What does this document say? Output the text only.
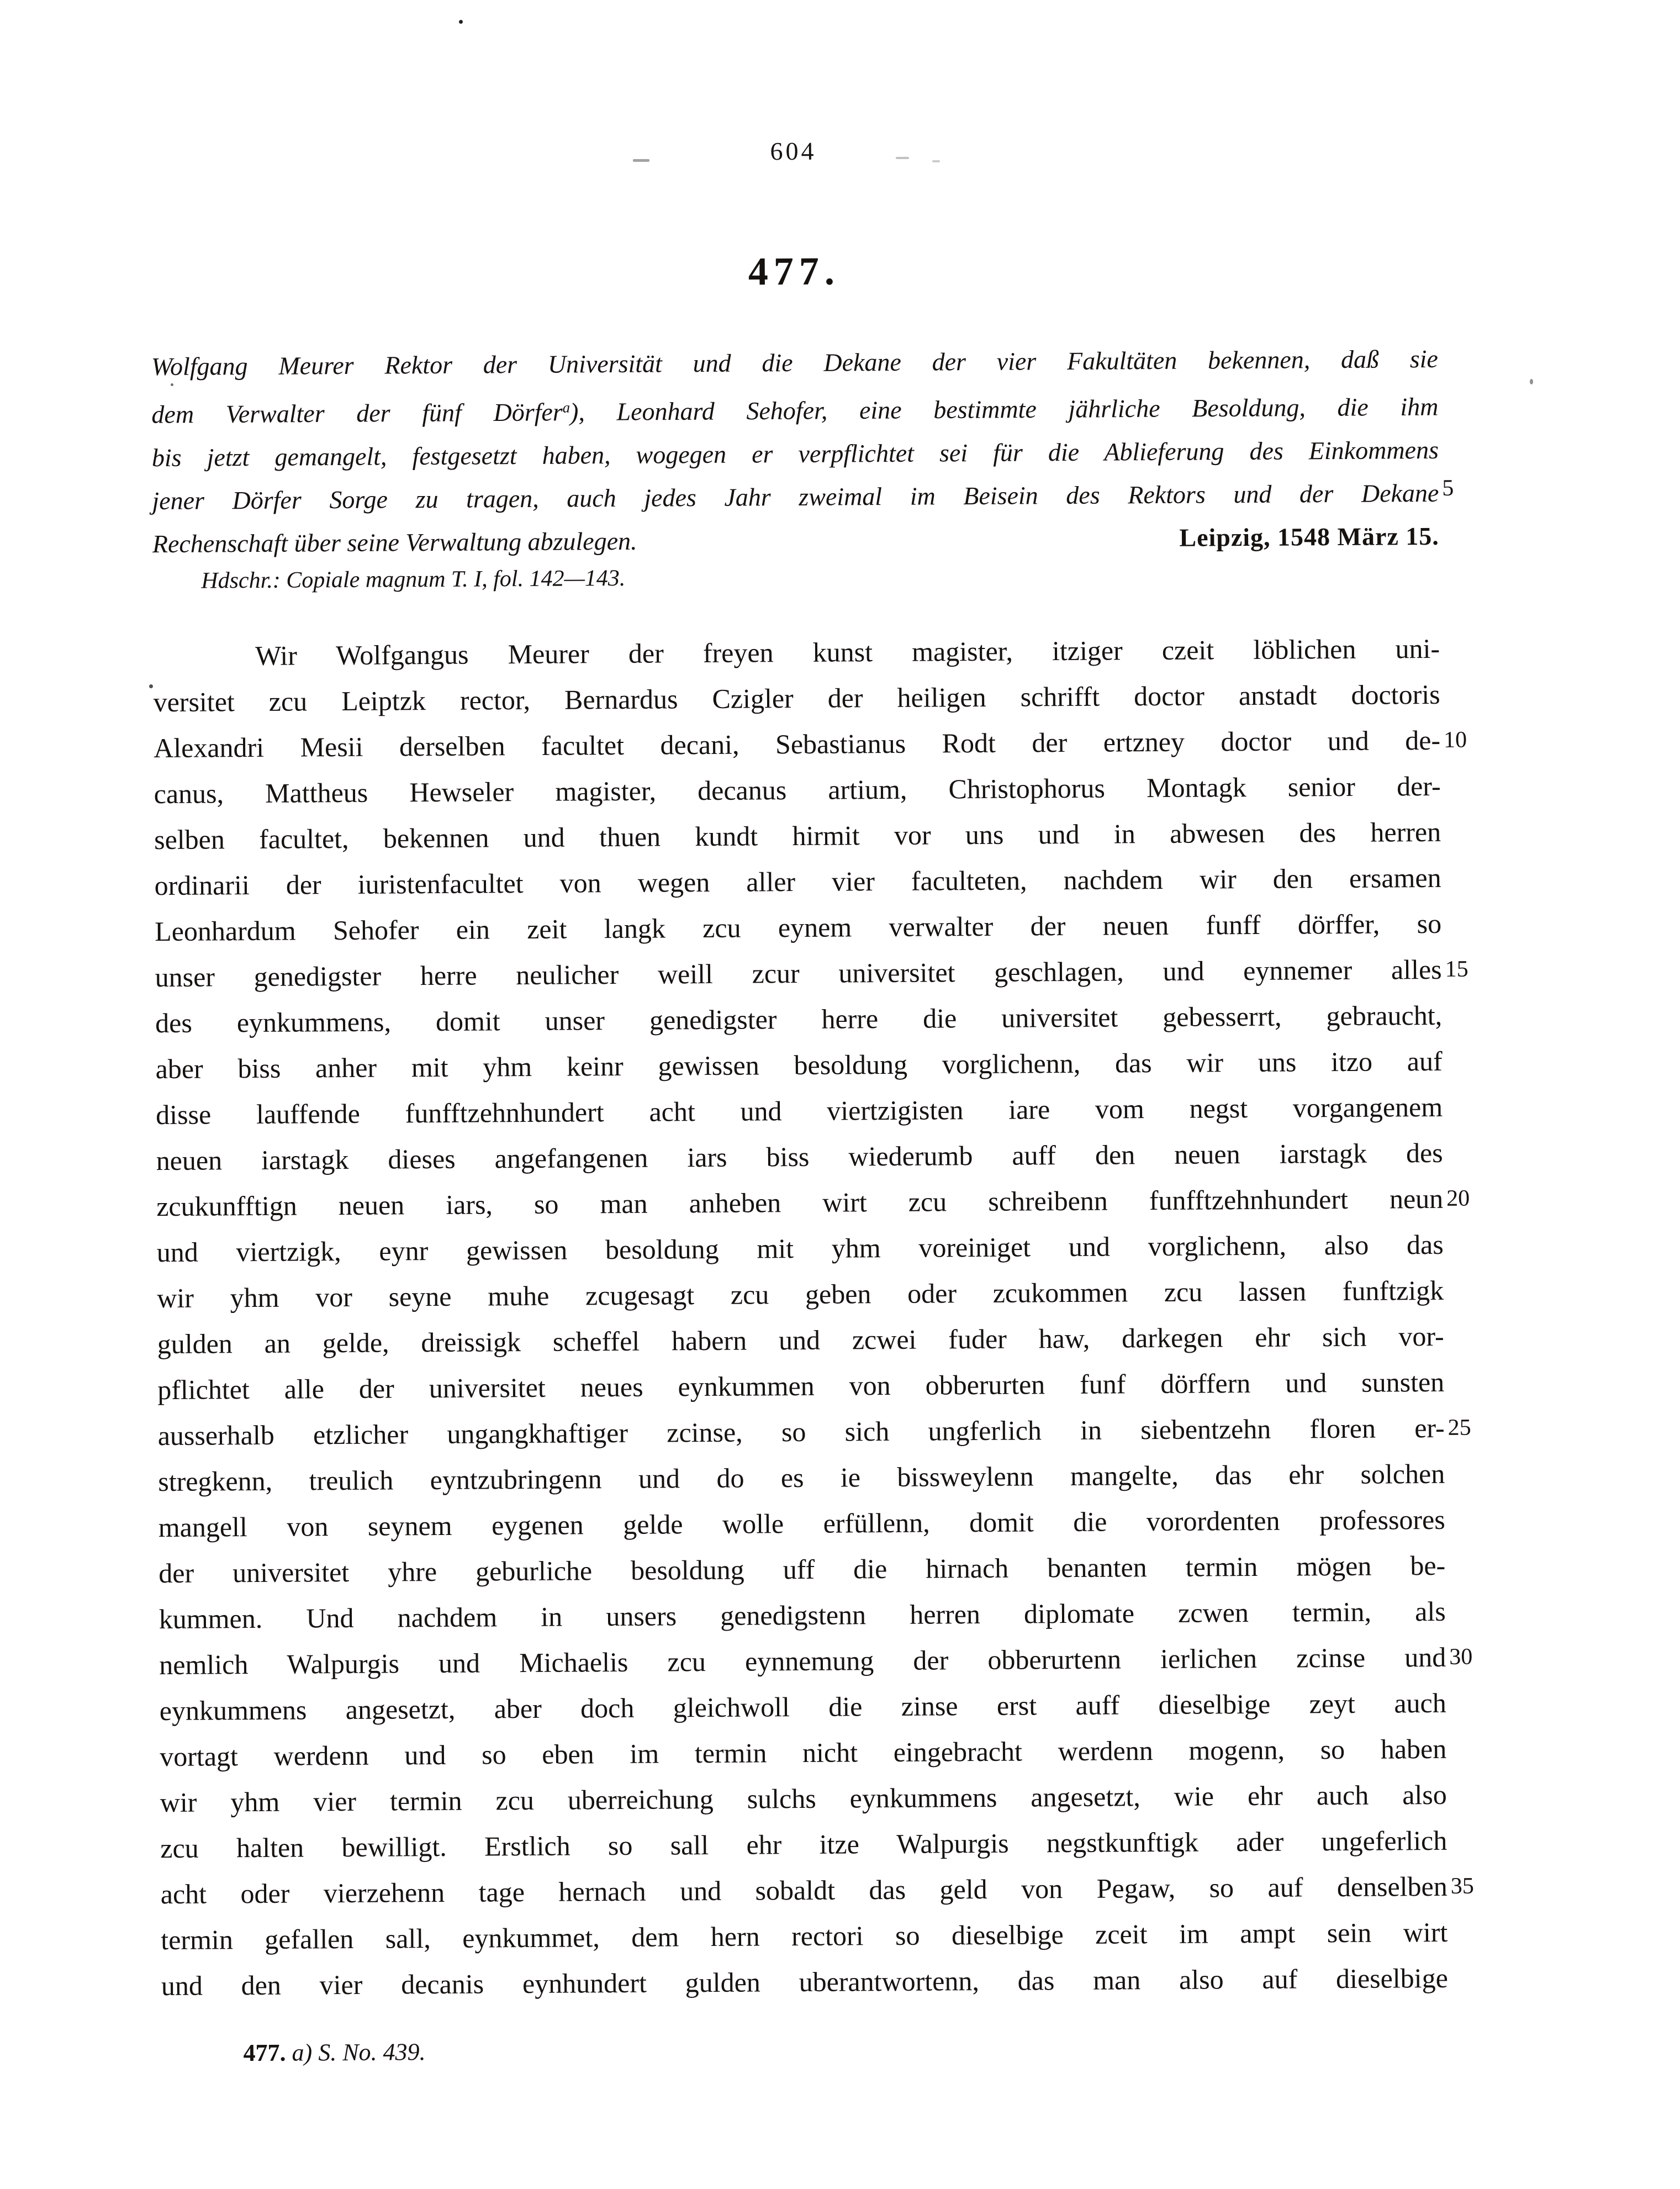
604
477.
Wolfgang Meurer Rektor der Universität und die Dekane der vier Fakultäten bekennen, daß sie
dem Verwalter der fünf Dörfer$^a$), Leonhard Sehofer, eine bestimmte jährliche Besoldung, die ihm
bis jetzt gemangelt, festgesetzt haben, wogegen er verpflichtet sei für die Ablieferung des Einkommens
jener Dörfer Sorge zu tragen, auch jedes Jahr zweimal im Beisein des Rektors und der Dekane
Rechenschaft über seine Verwaltung abzulegen.	Leipzig, 1548 März 15.
5
Hdschr.: Copiale magnum T. I, fol. 142—143.
Wir Wolfgangus Meurer der freyen kunst magister, itziger czeit löblichen uni-
versitet zcu Leiptzk rector, Bernardus Czigler der heiligen schrifft doctor anstadt doctoris
Alexandri Mesii derselben facultet decani, Sebastianus Rodt der ertzney doctor und de-
canus, Mattheus Hewseler magister, decanus artium, Christophorus Montagk senior der-
selben facultet, bekennen und thuen kundt hirmit vor uns und in abwesen des herren
ordinarii der iuristenfacultet von wegen aller vier faculteten, nachdem wir den ersamen
Leonhardum Sehofer ein zeit langk zcu eynem verwalter der neuen funff dörffer, so
unser genedigster herre neulicher weill zcur universitet geschlagen, und eynnemer alles
des eynkummens, domit unser genedigster herre die universitet gebesserrt, gebraucht,
aber biss anher mit yhm keinr gewissen besoldung vorglichenn, das wir uns itzo auf
disse lauffende funfftzehnhundert acht und viertzigisten iare vom negst vorgangenem
neuen iarstagk dieses angefangenen iars biss wiederumb auff den neuen iarstagk des
zcukunfftign neuen iars, so man anheben wirt zcu schreibenn funfftzehnhundert neun
und viertzigk, eynr gewissen besoldung mit yhm voreiniget und vorglichenn, also das
wir yhm vor seyne muhe zcugesagt zcu geben oder zcukommen zcu lassen funftzigk
gulden an gelde, dreissigk scheffel habern und zcwei fuder haw, darkegen ehr sich vor-
pflichtet alle der universitet neues eynkummen von obberurten funf dörffern und sunsten
ausserhalb etzlicher ungangkhaftiger zcinse, so sich ungferlich in siebentzehn floren er-
stregkenn, treulich eyntzubringenn und do es ie bissweylenn mangelte, das ehr solchen
mangell von seynem eygenen gelde wolle erfüllenn, domit die vorordenten professores
der universitet yhre geburliche besoldung uff die hirnach benanten termin mögen be-
kummen. Und nachdem in unsers genedigstenn herren diplomate zcwen termin, als
nemlich Walpurgis und Michaelis zcu eynnemung der obberurtenn ierlichen zcinse und
eynkummens angesetzt, aber doch gleichwoll die zinse erst auff dieselbige zeyt auch
vortagt werdenn und so eben im termin nicht eingebracht werdenn mogenn, so haben
wir yhm vier termin zcu uberreichung sulchs eynkummens angesetzt, wie ehr auch also
zcu halten bewilligt. Erstlich so sall ehr itze Walpurgis negstkunftigk ader ungeferlich
acht oder vierzehenn tage hernach und sobaldt das geld von Pegaw, so auf denselben
termin gefallen sall, eynkummet, dem hern rectori so dieselbige zceit im ampt sein wirt
und den vier decanis eynhundert gulden uberantwortenn, das man also auf dieselbige
10
15
20
25
30
35
477. a) S. No. 439.
